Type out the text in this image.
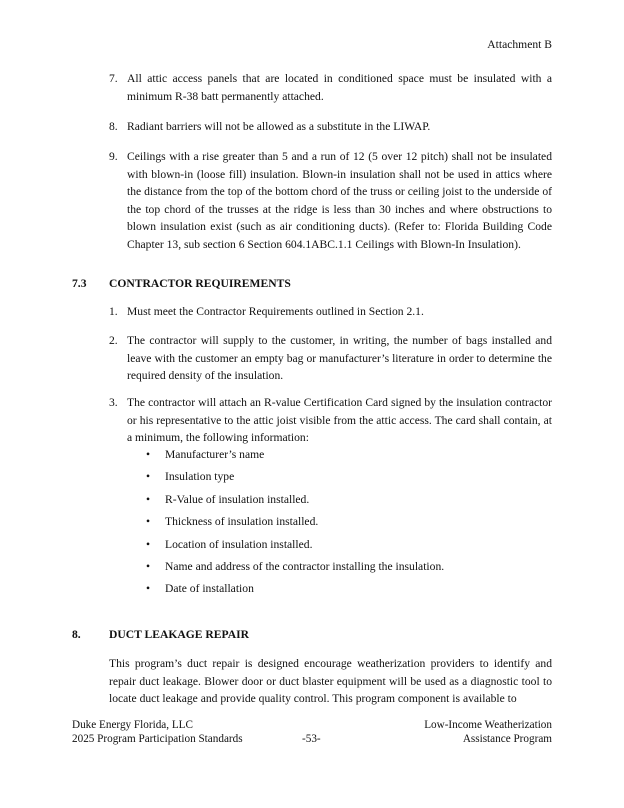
Attachment B
7. All attic access panels that are located in conditioned space must be insulated with a minimum R-38 batt permanently attached.
8. Radiant barriers will not be allowed as a substitute in the LIWAP.
9. Ceilings with a rise greater than 5 and a run of 12 (5 over 12 pitch) shall not be insulated with blown-in (loose fill) insulation. Blown-in insulation shall not be used in attics where the distance from the top of the bottom chord of the truss or ceiling joist to the underside of the top chord of the trusses at the ridge is less than 30 inches and where obstructions to blown insulation exist (such as air conditioning ducts). (Refer to: Florida Building Code Chapter 13, sub section 6 Section 604.1ABC.1.1 Ceilings with Blown-In Insulation).
7.3 CONTRACTOR REQUIREMENTS
1. Must meet the Contractor Requirements outlined in Section 2.1.
2. The contractor will supply to the customer, in writing, the number of bags installed and leave with the customer an empty bag or manufacturer’s literature in order to determine the required density of the insulation.
3. The contractor will attach an R-value Certification Card signed by the insulation contractor or his representative to the attic joist visible from the attic access. The card shall contain, at a minimum, the following information:
• Manufacturer’s name
• Insulation type
• R-Value of insulation installed.
• Thickness of insulation installed.
• Location of insulation installed.
• Name and address of the contractor installing the insulation.
• Date of installation
8. DUCT LEAKAGE REPAIR
This program’s duct repair is designed encourage weatherization providers to identify and repair duct leakage. Blower door or duct blaster equipment will be used as a diagnostic tool to locate duct leakage and provide quality control. This program component is available to
Duke Energy Florida, LLC
2025 Program Participation Standards	-53-
Low-Income Weatherization
Assistance Program
